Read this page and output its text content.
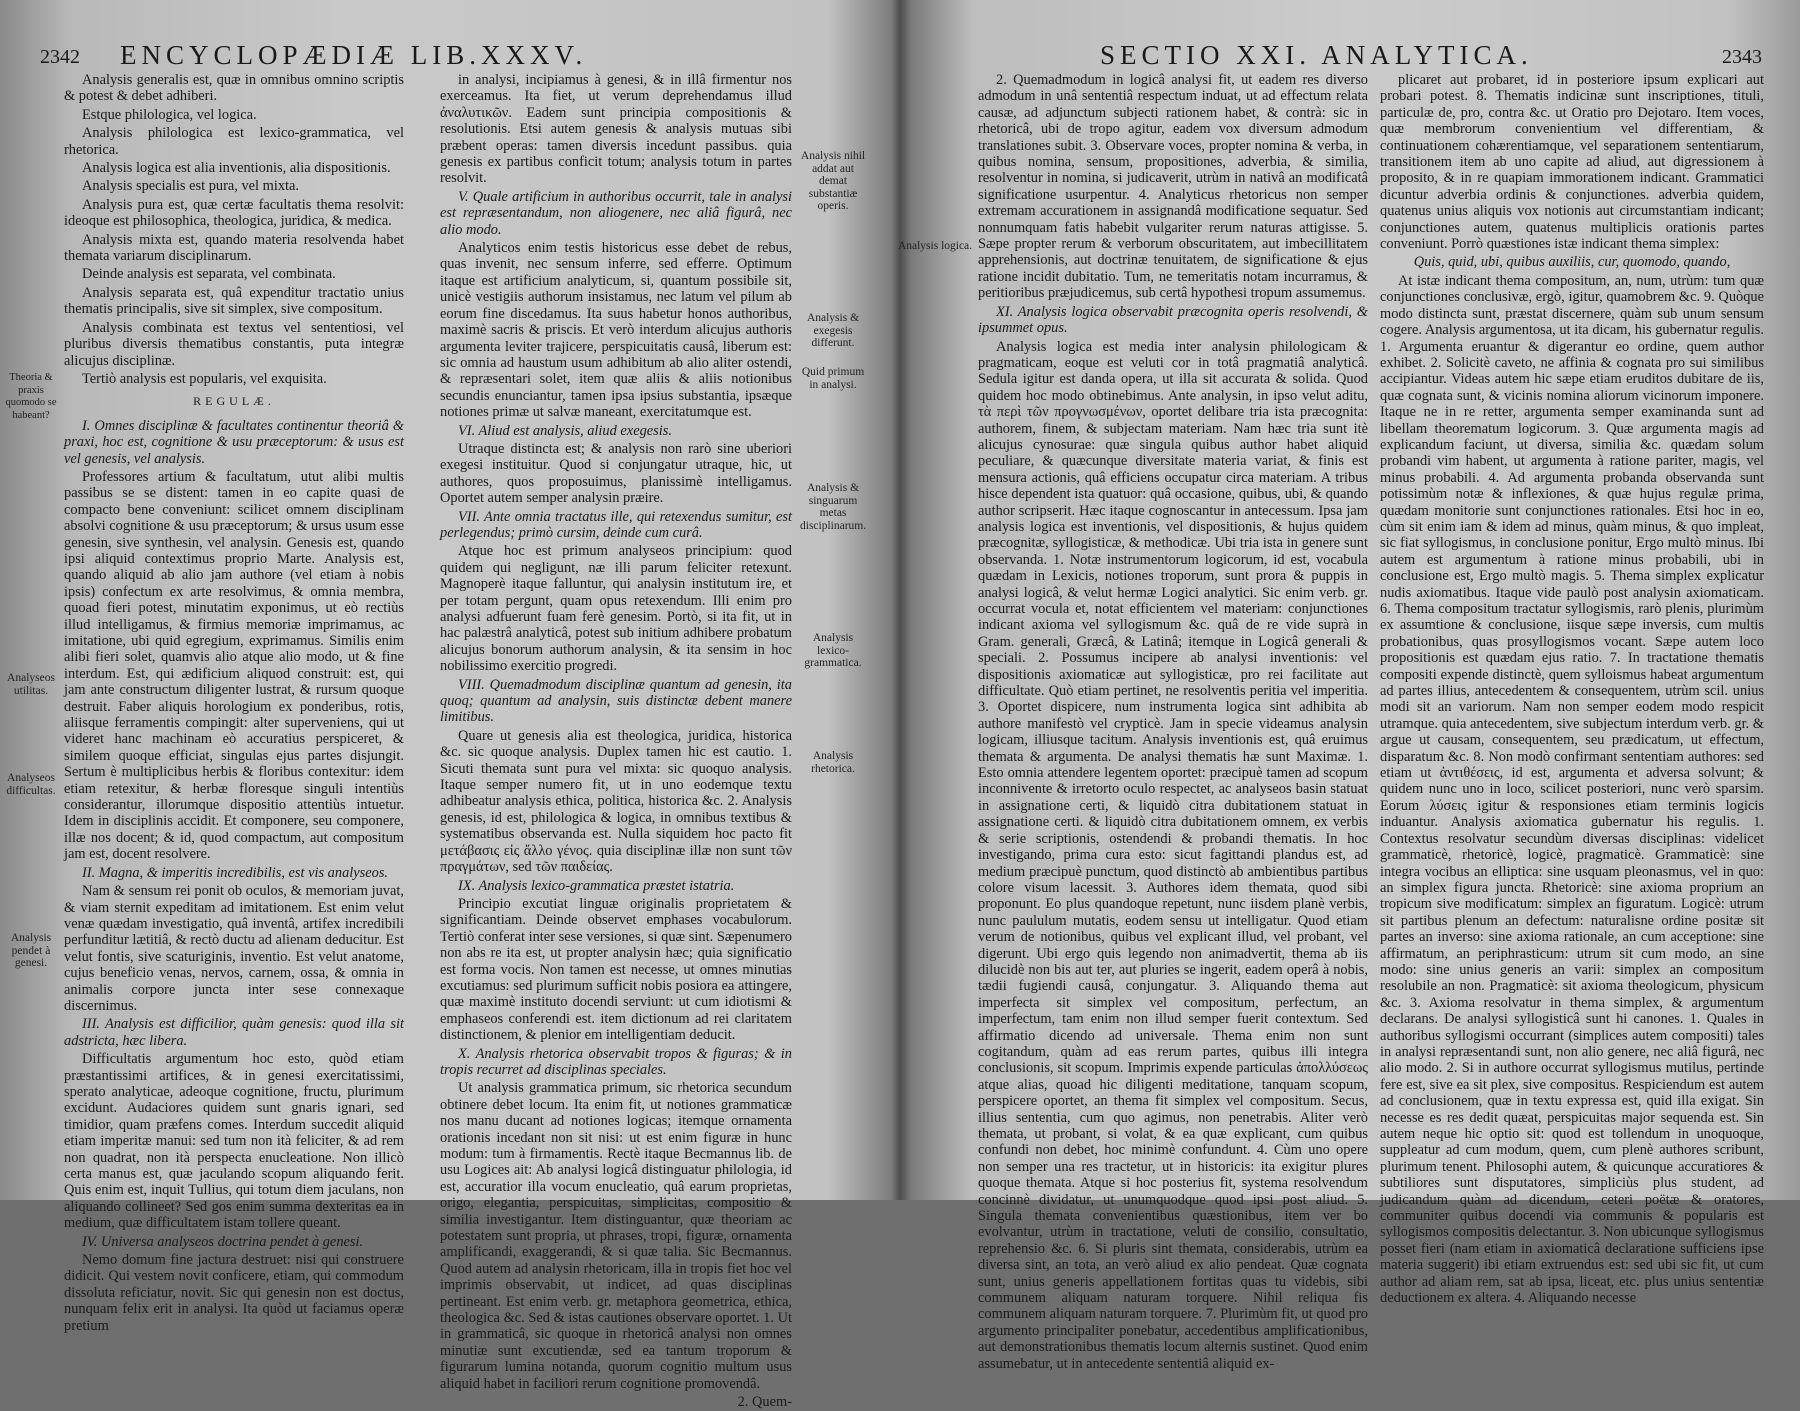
2342 ENCYCLOPÆDIÆ LIB.XXXV.

Analysis generalis est, quæ in omnibus omnino scriptis & potest & debet adhiberi.

Estque philologica, vel logica.

Analysis philologica est lexico-grammatica, vel rhetorica.

Analysis logica est alia inventionis, alia dispositionis.

Analysis specialis est pura, vel mixta.

Analysis pura est, quæ certæ facultatis thema resolvit: ideoque est philosophica, theologica, juridica, & medica.

Analysis mixta est, quando materia resolvenda habet themata variarum disciplinarum.

Deinde analysis est separata, vel combinata.

Analysis separata est, quâ expenditur tractatio unius thematis principalis, sive sit simplex, sive compositum.

Analysis combinata est textus vel sententiosi, vel pluribus diversis thematibus constantis, puta integræ alicujus disciplinæ.

Tertiò analysis est popularis, vel exquisita.

REGULÆ.

I. Omnes disciplinæ & facultates continentur theoriâ & praxi, hoc est, cognitione & usu præceptorum: & usus est vel genesis, vel analysis.

Professores artium & facultatum, utut alibi multis passibus se se distent: tamen in eo capite quasi de compacto bene conveniunt: scilicet omnem disciplinam absolvi cognitione & usu præceptorum; & ursus usum esse genesin, sive synthesin, vel analysin. Genesis est, quando ipsi aliquid contextimus proprio Marte. Analysis est, quando aliquid ab alio jam authore (vel etiam à nobis ipsis) confectum ex arte resolvimus, & omnia membra, quoad fieri potest, minutatim exponimus, ut eò rectiùs illud intelligamus, & firmius memoriæ imprimamus, ac imitatione, ubi quid egregium, exprimamus. Similis enim alibi fieri solet, quamvis alio atque alio modo, ut & fine interdum. Est, qui ædificium aliquod construit: est, qui jam ante constructum diligenter lustrat, & rursum quoque destruit. Faber aliquis horologium ex ponderibus, rotis, aliisque ferramentis compingit: alter superveniens, qui ut videret hanc machinam eò accuratius perspiceret, & similem quoque efficiat, singulas ejus partes disjungit. Sertum è multiplicibus herbis & floribus contexitur: idem etiam retexitur, & herbæ floresque singuli intentiùs considerantur, illorumque dispositio attentiùs intuetur. Idem in disciplinis accidit. Et componere, seu componere, illæ nos docent; & id, quod compactum, aut compositum jam est, docent resolvere.

II. Magna, & imperitis incredibilis, est vis analyseos.

Nam & sensum rei ponit ob oculos, & memoriam juvat, & viam sternit expeditam ad imitationem. Est enim velut venæ quædam investigatio, quâ inventâ, artifex incredibili perfunditur lætitiâ, & rectò ductu ad alienam deducitur. Est velut fontis, sive scaturiginis, inventio. Est velut anatome, cujus beneficio venas, nervos, carnem, ossa, & omnia in animalis corpore juncta inter sese connexaque discernimus.

III. Analysis est difficilior, quàm genesis: quod illa sit adstricta, hæc libera.

Difficultatis argumentum hoc esto, quòd etiam præstantissimi artifices, & in genesi exercitatissimi, sperato analyticae, adeoque cognitione, fructu, plurimum excidunt. Audaciores quidem sunt gnaris ignari, sed timidior, quam præfens comes. Interdum succedit aliquid etiam imperitæ manui: sed tum non ità feliciter, & ad rem non quadrat, non ità perspecta enucleatione. Non illicò certa manus est, quæ jaculando scopum aliquando ferit. Quis enim est, inquit Tullius, qui totum diem jaculans, non aliquando collineet? Sed gos enim summa dexteritas ea in medium, quæ difficultatem istam tollere queant.

IV. Universa analyseos doctrina pendet à genesi.

Nemo domum fine jactura destruet: nisi qui construere didicit. Qui vestem novit conficere, etiam, qui commodum dissoluta reficiatur, novit. Sic qui genesin non est doctus, nunquam felix erit in analysi. Ita quòd ut faciamus operæ pretium

in analysi, incipiamus à genesi, & in illâ firmentur nos exerceamus. Ita fiet, ut verum deprehendamus illud ἀναλυτικῶν. Eadem sunt principia compositionis & resolutionis. Etsi autem genesis & analysis mutuas sibi præbent operas: tamen diversis incedunt passibus. quia genesis ex partibus conficit totum; analysis totum in partes resolvit.

V. Quale artificium in authoribus occurrit, tale in analysi est repræsentandum, non aliogenere, nec aliâ figurâ, nec alio modo.

Analyticos enim testis historicus esse debet de rebus, quas invenit, nec sensum inferre, sed efferre. Optimum itaque est artificium analyticum, si, quantum possibile sit, unicè vestigiis authorum insistamus, nec latum vel pilum ab eorum fine discedamus. Ita suus habetur honos authoribus, maximè sacris & priscis. Et verò interdum alicujus authoris argumenta leviter trajicere, perspicuitatis causâ, liberum est: sic omnia ad haustum usum adhibitum ab alio aliter ostendi, & repræsentari solet, item quæ aliis & aliis notionibus secundis enunciantur, tamen ipsa ipsius substantia, ipsæque notiones primæ ut salvæ maneant, exercitatumque est.

VI. Aliud est analysis, aliud exegesis.

Utraque distincta est; & analysis non rarò sine uberiori exegesi instituitur. Quod si conjungatur utraque, hic, ut authores, quos proposuimus, planissimè intelligamus. Oportet autem semper analysin præire.

VII. Ante omnia tractatus ille, qui retexendus sumitur, est perlegendus; primò cursim, deinde cum curâ.

Atque hoc est primum analyseos principium: quod quidem qui negligunt, næ illi parum feliciter retexunt. Magnoperè itaque falluntur, qui analysin institutum ire, et per totam pergunt, quam opus retexendum. Illi enim pro analysi adfuerunt fuam ferè genesim. Portò, si ita fit, ut in hac palæstrâ analyticâ, potest sub initium adhibere probatum alicujus bonorum authorum analysin, & ita sensim in hoc nobilissimo exercitio progredi.

VIII. Quemadmodum disciplinæ quantum ad genesin, ita quoq; quantum ad analysin, suis distinctæ debent manere limitibus.

Quare ut genesis alia est theologica, juridica, historica &c. sic quoque analysis. Duplex tamen hic est cautio. 1. Sicuti themata sunt pura vel mixta: sic quoquo analysis. Itaque semper numero fit, ut in uno eodemque textu adhibeatur analysis ethica, politica, historica &c. 2. Analysis genesis, id est, philologica & logica, in omnibus textibus & systematibus observanda est. Nulla siquidem hoc pacto fit μετάβασις εἰς ἄλλο γένος. quia disciplinæ illæ non sunt τῶν πραγμάτων, sed τῶν παιδείας.

IX. Analysis lexico-grammatica præstet istatria.

Principio excutiat linguæ originalis proprietatem & significantiam. Deinde observet emphases vocabulorum. Tertiò conferat inter sese versiones, si quæ sint. Sæpenumero non abs re ita est, ut propter analysin hæc; quia significatio est forma vocis. Non tamen est necesse, ut omnes minutias excutiamus: sed plurimum sufficit nobis posiora ea attingere, quæ maximè instituto docendi serviunt: ut cum idiotismi & emphaseos conferendi est. item dictionum ad rei claritatem distinctionem, & plenior em intelligentiam deducit.

X. Analysis rhetorica observabit tropos & figuras; & in tropis recurret ad disciplinas speciales.

Ut analysis grammatica primum, sic rhetorica secundum obtinere debet locum. Ita enim fit, ut notiones grammaticæ nos manu ducant ad notiones logicas; itemque ornamenta orationis incedant non sit nisi: ut est enim figuræ in hunc modum: tum à firmamentis. Rectè itaque Becmannus lib. de usu Logices ait: Ab analysi logicâ distinguatur philologia, id est, accuratior illa vocum enucleatio, quâ earum proprietas, origo, elegantia, perspicuitas, simplicitas, compositio & similia investigantur. Item distinguantur, quæ theoriam ac potestatem sunt propria, ut phrases, tropi, figuræ, ornamenta amplificandi, exaggerandi, & si quæ talia. Sic Becmannus. Quod autem ad analysin rhetoricam, illa in tropis fiet hoc vel imprimis observabit, ut indicet, ad quas disciplinas pertineant. Est enim verb. gr. metaphora geometrica, ethica, theologica &c. Sed & istas cautiones observare oportet. 1. Ut in grammaticâ, sic quoque in rhetoricâ analysi non omnes minutiæ sunt excutiendæ, sed ea tantum troporum & figurarum lumina notanda, quorum cognitio multum usus aliquid habet in faciliori rerum cognitione promovendâ.

2. Quem-

Theoria & praxis quomodo se habeant?
Analyseos utilitas.
Analyseos difficultas.
Analysis pendet à genesi.
Analysis nihil addat aut demat substantiæ operis.
Analysis & exegesis differunt.
Quid primum in analysi.
Analysis & singuarum metas disciplinarum.
Analysis lexico-grammatica.
Analysis rhetorica.
SECTIO XXI. ANALYTICA.	2343

2. Quemadmodum in logicâ analysi fit, ut eadem res diverso admodum in unâ sententiâ respectum induat, ut ad effectum relata causæ, ad adjunctum subjecti rationem habet, & contrà: sic in rhetoricâ, ubi de tropo agitur, eadem vox diversum admodum translationes subit. 3. Observare voces, propter nomina & verba, in quibus nomina, sensum, propositiones, adverbia, & similia, resolventur in nomina, si judicaverit, utrùm in nativâ an modificatâ significatione usurpentur. 4. Analyticus rhetoricus non semper extremam accurationem in assignandâ modificatione sequatur. Sed nonnumquam fatis habebit vulgariter rerum naturas attigisse. 5. Sæpe propter rerum & verborum obscuritatem, aut imbecillitatem apprehensionis, aut doctrinæ tenuitatem, de significatione & ejus ratione incidit dubitatio. Tum, ne temeritatis notam incurramus, & peritioribus præjudicemus, sub certâ hypothesi tropum assumemus.

XI. Analysis logica observabit præcognita operis resolvendi, & ipsummet opus.

Analysis logica est media inter analysin philologicam & pragmaticam, eoque est veluti cor in totâ pragmatiâ analyticâ. Sedula igitur est danda opera, ut illa sit accurata & solida. Quod quidem hoc modo obtinebimus. Ante analysin, in ipso velut aditu, τὰ περὶ τῶν προγνωσμένων, oportet delibare tria ista præcognita: authorem, finem, & subjectam materiam. Nam hæc tria sunt itè alicujus cynosurae: quæ singula quibus author habet aliquid peculiare, & quæcunque diversitate materia variat, & finis est mensura actionis, quâ efficiens occupatur circa materiam. A tribus hisce dependent ista quatuor: quâ occasione, quibus, ubi, & quando author scripserit. Hæc itaque cognoscantur in antecessum. Ipsa jam analysis logica est inventionis, vel dispositionis, & hujus quidem præcognitæ, syllogisticæ, & methodicæ. Ubi tria ista in genere sunt observanda. 1. Notæ instrumentorum logicorum, id est, vocabula quædam in Lexicis, notiones troporum, sunt prora & puppis in analysi logicâ, & velut hermæ Logici analytici. Sic enim verb. gr. occurrat vocula et, notat efficientem vel materiam: conjunctiones indicant axioma vel syllogismum &c. quâ de re vide suprà in Gram. generali, Græcâ, & Latinâ; itemque in Logicâ generali & speciali. 2. Possumus incipere ab analysi inventionis: vel dispositionis axiomaticæ aut syllogisticæ, pro rei facilitate aut difficultate. Quò etiam pertinet, ne resolventis peritia vel imperitia. 3. Oportet dispicere, num instrumenta logica sint adhibita ab authore manifestò vel crypticè. Jam in specie videamus analysin logicam, illiusque tacitum. Analysis inventionis est, quâ eruimus themata & argumenta. De analysi thematis hæ sunt Maximæ. 1. Esto omnia attendere legentem oportet: præcipuè tamen ad scopum inconnivente & irretorto oculo respectet, ac analyseos basin statuat in assignatione certi, & liquidò citra dubitationem statuat in assignatione certi. & liquidò citra dubitationem omnem, ex verbis & serie scriptionis, ostendendi & probandi thematis. In hoc investigando, prima cura esto: sicut fagittandi plandus est, ad medium præcipuè punctum, quod distinctò ab ambientibus partibus colore visum lacessit. 3. Authores idem themata, quod sibi proponunt. Eo plus quandoque repetunt, nunc iisdem planè verbis, nunc paululum mutatis, eodem sensu ut intelligatur. Quod etiam verum de notionibus, quibus vel explicant illud, vel probant, vel digerunt. Ubi ergo quis legendo non animadvertit, thema ab iis dilucidè non bis aut ter, aut pluries se ingerit, eadem operâ à nobis, tædii fugiendi causâ, conjungatur. 3. Aliquando thema aut imperfecta sit simplex vel compositum, perfectum, an imperfectum, tam enim non illud semper fuerit contextum. Sed affirmatio dicendo ad universale. Thema enim non sunt cogitandum, quàm ad eas rerum partes, quibus illi integra conclusionis, sit scopum. Imprimis expende particulas ἀπολλύσεως atque alias, quoad hic diligenti meditatione, tanquam scopum, perspicere oportet, an thema fit simplex vel compositum. Secus, illius sententia, cum quo agimus, non penetrabis. Aliter verò themata, ut probant, si volat, & ea quæ explicant, cum quibus confundi non debet, hoc minimè confundunt. 4. Cùm uno opere non semper una res tractetur, ut in historicis: ita exigitur plures quoque themata. Atque si hoc posterius fit, systema resolvendum concinnè dividatur, ut unumquodque quod ipsi post aliud. 5. Singula themata convenientibus quæstionibus, item ver bo evolvantur, utrùm in tractatione, veluti de consilio, consultatio, reprehensio &c. 6. Si pluris sint themata, considerabis, utrùm ea diversa sint, an tota, an verò aliud ex alio pendeat. Quæ cognata sunt, unius generis appellationem fortitas quas tu videbis, sibi communem aliquam naturam torquere. Nihil reliqua fis communem aliquam naturam torquere. 7. Plurimùm fit, ut quod pro argumento principaliter ponebatur, accedentibus amplificationibus, aut demonstrationibus thematis locum alternis sustinet. Quod enim assumebatur, ut in antecedente sententiâ aliquid ex-

plicaret aut probaret, id in posteriore ipsum explicari aut probari potest. 8. Thematis indicinæ sunt inscriptiones, tituli, particulæ de, pro, contra &c. ut Oratio pro Dejotaro. Item voces, quæ membrorum convenientium vel differentiam, & continuationem cohærentiamque, vel separationem sententiarum, transitionem item ab uno capite ad aliud, aut digressionem à proposito, & in re quapiam immorationem indicant. Grammatici dicuntur adverbia ordinis & conjunctiones. adverbia quidem, quatenus unius aliquis vox notionis aut circumstantiam indicant; conjunctiones autem, quatenus multiplicis orationis partes conveniunt. Porrò quæstiones istæ indicant thema simplex:

Quis, quid, ubi, quibus auxiliis, cur, quomodo, quando,

At istæ indicant thema compositum, an, num, utrùm: tum quæ conjunctiones conclusivæ, ergò, igitur, quamobrem &c. 9. Quòque modo distincta sunt, præstat discernere, quàm sub unum sensum cogere. Analysis argumentosa, ut ita dicam, his gubernatur regulis. 1. Argumenta eruantur & digerantur eo ordine, quem author exhibet. 2. Solicitè caveto, ne affinia & cognata pro sui similibus accipiantur. Videas autem hic sæpe etiam eruditos dubitare de iis, quæ cognata sunt, & vicinis nomina aliorum vicinorum imponere. Itaque ne in re retter, argumenta semper examinanda sunt ad libellam theorematum logicorum. 3. Quæ argumenta magis ad explicandum faciunt, ut diversa, similia &c. quædam solum probandi vim habent, ut argumenta à ratione pariter, magis, vel minus probabili. 4. Ad argumenta probanda observanda sunt potissimùm notæ & inflexiones, & quæ hujus regulæ prima, quædam monitorie sunt conjunctiones rationales. Etsi hoc in eo, cùm sit enim iam & idem ad minus, quàm minus, & quo impleat, sic fiat syllogismus, in conclusione ponitur, Ergo multò minus. Ibi autem est argumentum à ratione minus probabili, ubi in conclusione est, Ergo multò magis. 5. Thema simplex explicatur nudis axiomatibus. Itaque vide paulò post analysin axiomaticam. 6. Thema compositum tractatur syllogismis, rarò plenis, plurimùm ex assumtione & conclusione, iisque sæpe inversis, cum multis probationibus, quas prosyllogismos vocant. Sæpe autem loco propositionis est quædam ejus ratio. 7. In tractatione thematis compositi expende distinctè, quem sylloismus habeat argumentum ad partes illius, antecedentem & consequentem, utrùm scil. unius modi sit an variorum. Nam non semper eodem modo respicit utramque. quia antecedentem, sive subjectum interdum verb. gr. & argue ut causam, consequentem, seu prædicatum, ut effectum, disparatum &c. 8. Non modò confirmant sententiam authores: sed etiam ut ἀντιθέσεις, id est, argumenta et adversa solvunt; & quidem nunc uno in loco, scilicet posteriori, nunc verò sparsim. Eorum λύσεις igitur & responsiones etiam terminis logicis induantur. Analysis axiomatica gubernatur his regulis. 1. Contextus resolvatur secundùm diversas disciplinas: videlicet grammaticè, rhetoricè, logicè, pragmaticè. Grammaticè: sine integra vocibus an elliptica: sine usquam pleonasmus, vel in quo: an simplex figura juncta. Rhetoricè: sine axioma proprium an tropicum sive modificatum: simplex an figuratum. Logicè: utrum sit partibus plenum an defectum: naturalisne ordine positæ sit partes an inverso: sine axioma rationale, an cum acceptione: sine affirmatum, an periphrasticum: utrum sit cum modo, an sine modo: sine unius generis an varii: simplex an compositum resolubile an non. Pragmaticè: sit axioma theologicum, physicum &c. 3. Axioma resolvatur in thema simplex, & argumentum declarans. De analysi syllogisticâ sunt hi canones. 1. Quales in authoribus syllogismi occurrant (simplices autem compositi) tales in analysi repræsentandi sunt, non alio genere, nec aliâ figurâ, nec alio modo. 2. Si in authore occurrat syllogismus mutilus, pertinde fere est, sive ea sit plex, sive compositus. Respiciendum est autem ad conclusionem, quæ in textu expressa est, quid illa exigat. Sin necesse es res dedit quæat, perspicuitas major sequenda est. Sin autem neque hic optio sit: quod est tollendum in unoquoque, suppleatur ad cum modum, quem, cum plenè authores scribunt, plurimum tenent. Philosophi autem, & quicunque accuratiores & subtiliores sunt disputatores, simpliciùs plus student, ad judicandum quàm ad dicendum, ceteri poëtæ & oratores, communiter quibus docendi via communis & popularis est syllogismos compositis delectantur. 3. Non ubicunque syllogismus posset fieri (nam etiam in axiomaticâ declaratione sufficiens ipse materia suggerit) ibi etiam extruendus est: sed ubi sic fit, ut cum author ad aliam rem, sat ab ipsa, liceat, etc. plus unius sententiæ deductionem ex altera. 4. Aliquando necesse

Analysis logica.
